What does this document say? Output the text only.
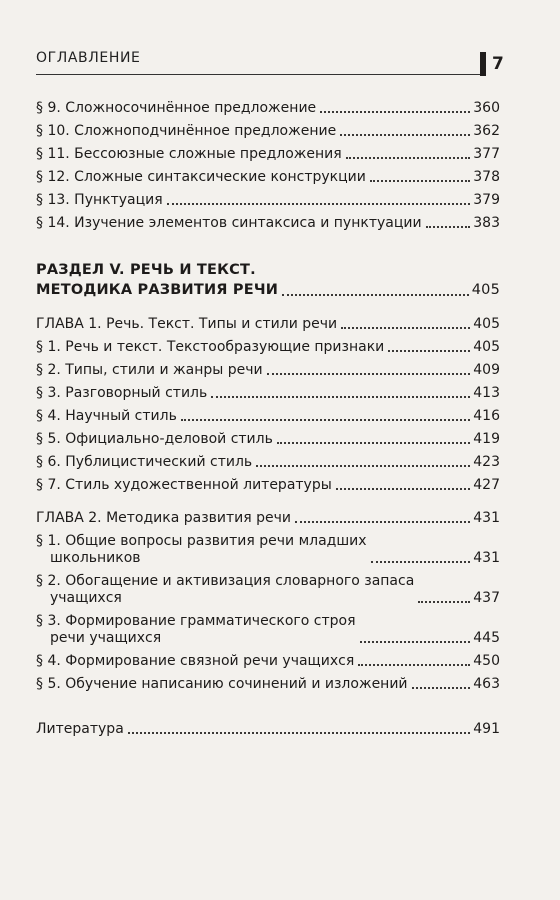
ОГЛАВЛЕНИЕ	7
§ 9. Сложносочинённое предложение	360
§ 10. Сложноподчинённое предложение	362
§ 11. Бессоюзные сложные предложения	377
§ 12. Сложные синтаксические конструкции	378
§ 13. Пунктуация	379
§ 14. Изучение элементов синтаксиса и пунктуации	383
РАЗДЕЛ V. РЕЧЬ И ТЕКСТ.
МЕТОДИКА РАЗВИТИЯ РЕЧИ	405
ГЛАВА 1. Речь. Текст. Типы и стили речи	405
§ 1. Речь и текст. Текстообразующие признаки	405
§ 2. Типы, стили и жанры речи	409
§ 3. Разговорный стиль	413
§ 4. Научный стиль	416
§ 5. Официально-деловой стиль	419
§ 6. Публицистический стиль	423
§ 7. Стиль художественной литературы	427
ГЛАВА 2. Методика развития речи	431
§ 1. Общие вопросы развития речи младших
школьников	431
§ 2. Обогащение и активизация словарного запаса
учащихся	437
§ 3. Формирование грамматического строя
речи учащихся	445
§ 4. Формирование связной речи учащихся	450
§ 5. Обучение написанию сочинений и изложений	463
Литература	491
